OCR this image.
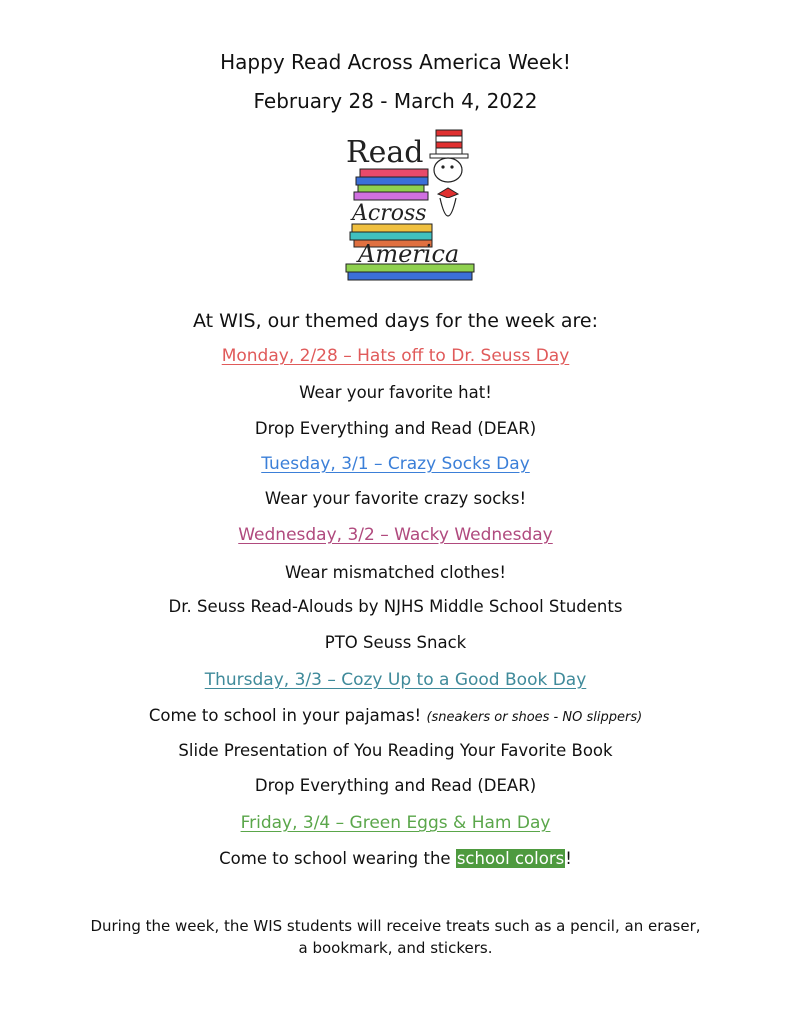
Happy Read Across America Week!
February 28 - March 4, 2022
Read
Across
America
At WIS, our themed days for the week are:
Monday, 2/28 – Hats off to Dr. Seuss Day
Wear your favorite hat!
Drop Everything and Read (DEAR)
Tuesday, 3/1 – Crazy Socks Day
Wear your favorite crazy socks!
Wednesday, 3/2 – Wacky Wednesday
Wear mismatched clothes!
Dr. Seuss Read-Alouds by NJHS Middle School Students
PTO Seuss Snack
Thursday, 3/3 – Cozy Up to a Good Book Day
Come to school in your pajamas! (sneakers or shoes - NO slippers)
Slide Presentation of You Reading Your Favorite Book
Drop Everything and Read (DEAR)
Friday, 3/4 – Green Eggs & Ham Day
Come to school wearing the school colors!
During the week, the WIS students will receive treats such as a pencil, an eraser,
a bookmark, and stickers.
